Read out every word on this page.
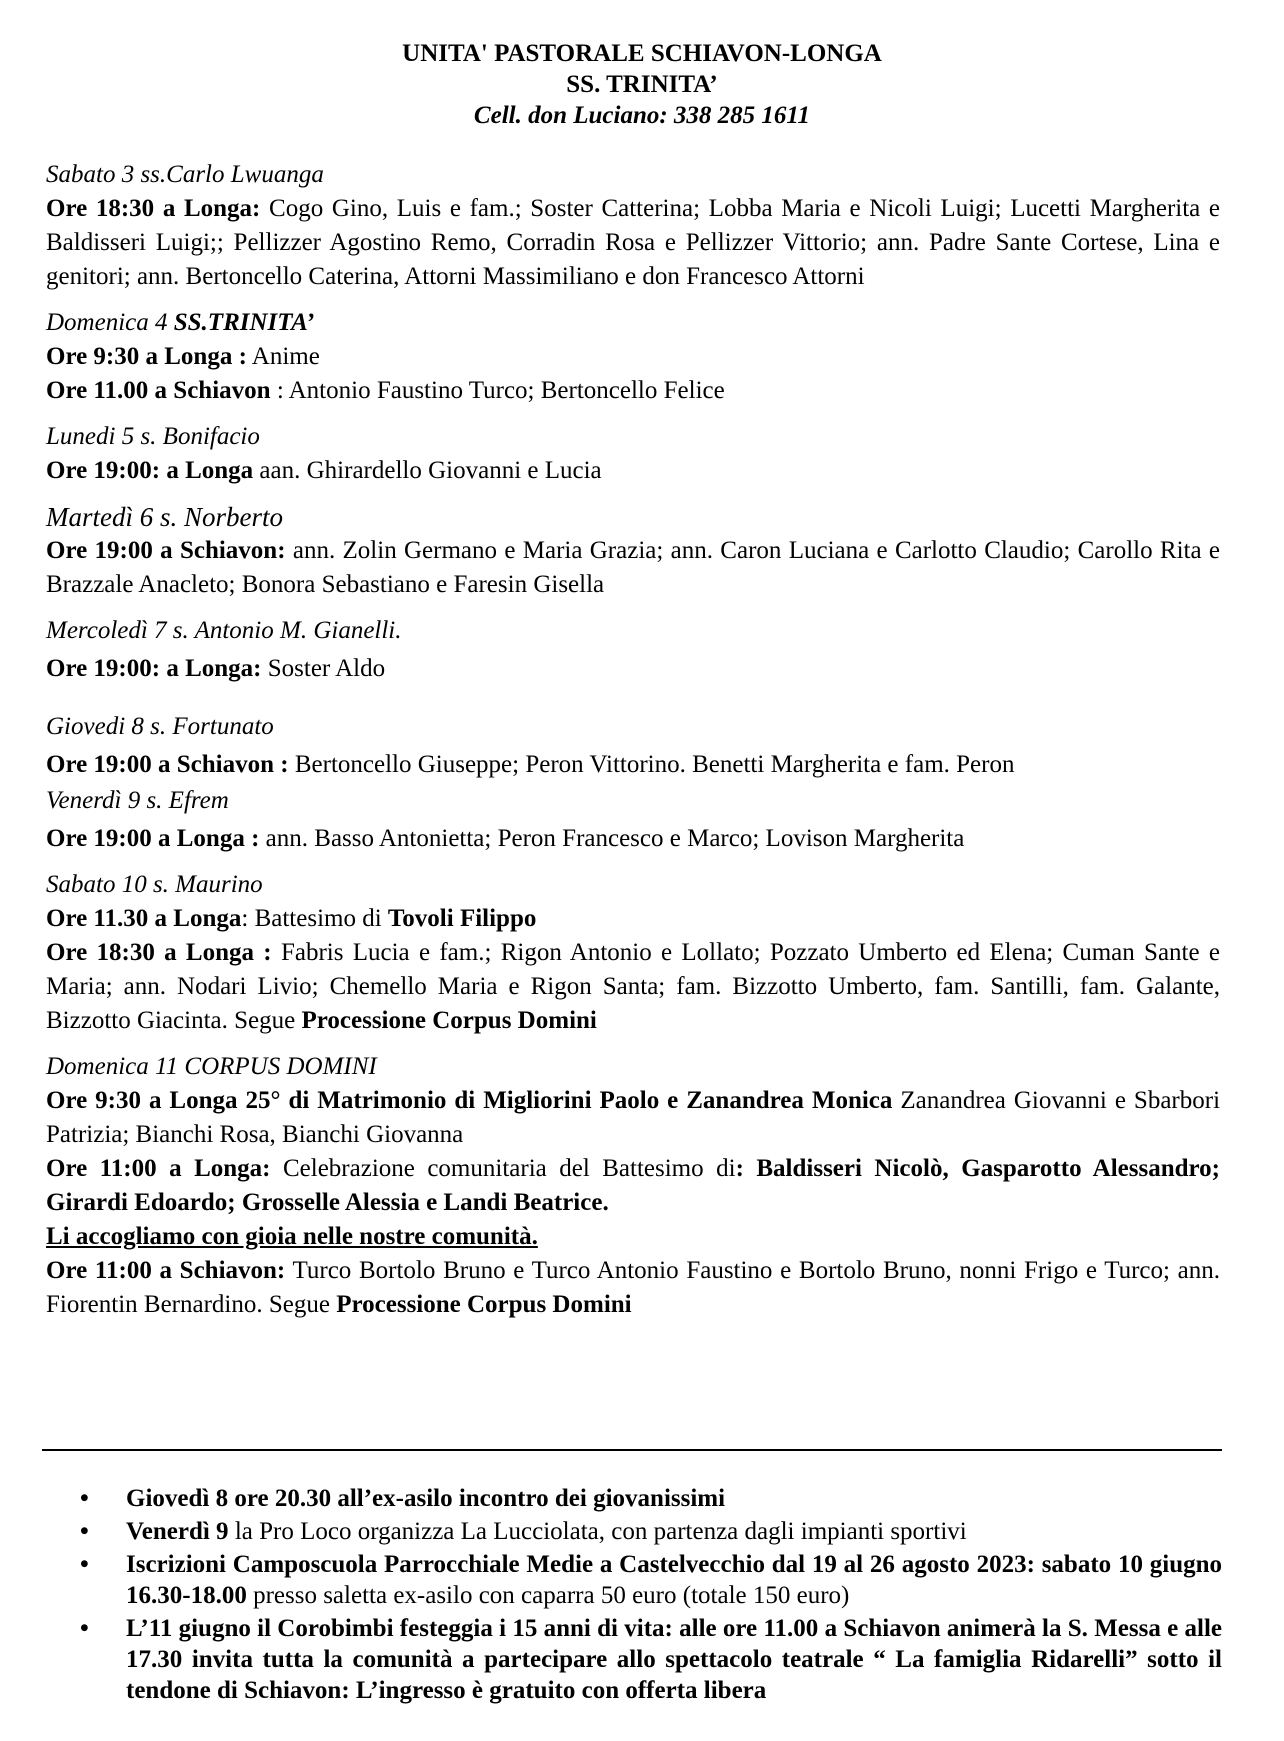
UNITA' PASTORALE SCHIAVON-LONGA
SS. TRINITA’
Cell. don Luciano: 338 285 1611
Sabato 3 ss.Carlo Lwuanga
Ore 18:30 a Longa: Cogo Gino, Luis e fam.; Soster Catterina; Lobba Maria e Nicoli Luigi; Lucetti Margherita e Baldisseri Luigi;; Pellizzer Agostino Remo, Corradin Rosa e Pellizzer Vittorio; ann. Padre Sante Cortese, Lina e genitori; ann. Bertoncello Caterina, Attorni Massimiliano e don Francesco Attorni
Domenica 4 SS.TRINITA’
Ore 9:30 a Longa : Anime
Ore 11.00 a Schiavon : Antonio Faustino Turco; Bertoncello Felice
Lunedi 5 s. Bonifacio
Ore 19:00: a Longa aan. Ghirardello Giovanni e Lucia
Martedì 6 s. Norberto
Ore 19:00 a Schiavon: ann. Zolin Germano e Maria Grazia; ann. Caron Luciana e Carlotto Claudio; Carollo Rita e Brazzale Anacleto; Bonora Sebastiano e Faresin Gisella
Mercoledì 7 s. Antonio M. Gianelli.
Ore 19:00: a Longa: Soster Aldo
Giovedi 8 s. Fortunato
Ore 19:00 a Schiavon : Bertoncello Giuseppe; Peron Vittorino. Benetti Margherita e fam. Peron
Venerdì 9 s. Efrem
Ore 19:00 a Longa : ann. Basso Antonietta; Peron Francesco e Marco; Lovison Margherita
Sabato 10 s. Maurino
Ore 11.30 a Longa: Battesimo di Tovoli Filippo
Ore 18:30 a Longa : Fabris Lucia e fam.; Rigon Antonio e Lollato; Pozzato Umberto ed Elena; Cuman Sante e Maria; ann. Nodari Livio; Chemello Maria e Rigon Santa; fam. Bizzotto Umberto, fam. Santilli, fam. Galante, Bizzotto Giacinta. Segue Processione Corpus Domini
Domenica 11 CORPUS DOMINI
Ore 9:30 a Longa 25° di Matrimonio di Migliorini Paolo e Zanandrea Monica Zanandrea Giovanni e Sbarbori Patrizia; Bianchi Rosa, Bianchi Giovanna
Ore 11:00 a Longa: Celebrazione comunitaria del Battesimo di: Baldisseri Nicolò, Gasparotto Alessandro; Girardi Edoardo; Grosselle Alessia e Landi Beatrice.
Li accogliamo con gioia nelle nostre comunità.
Ore 11:00 a Schiavon: Turco Bortolo Bruno e Turco Antonio Faustino e Bortolo Bruno, nonni Frigo e Turco; ann. Fiorentin Bernardino. Segue Processione Corpus Domini
•	Giovedì 8 ore 20.30 all’ex-asilo incontro dei giovanissimi
•	Venerdì 9 la Pro Loco organizza La Lucciolata, con partenza dagli impianti sportivi
•	Iscrizioni Camposcuola Parrocchiale Medie a Castelvecchio dal 19 al 26 agosto 2023: sabato 10 giugno 16.30-18.00 presso saletta ex-asilo con caparra 50 euro (totale 150 euro)
•	L’11 giugno il Corobimbi festeggia i 15 anni di vita: alle ore 11.00 a Schiavon animerà la S. Messa e alle 17.30 invita tutta la comunità a partecipare allo spettacolo teatrale “ La famiglia Ridarelli” sotto il tendone di Schiavon: L’ingresso è gratuito con offerta libera
